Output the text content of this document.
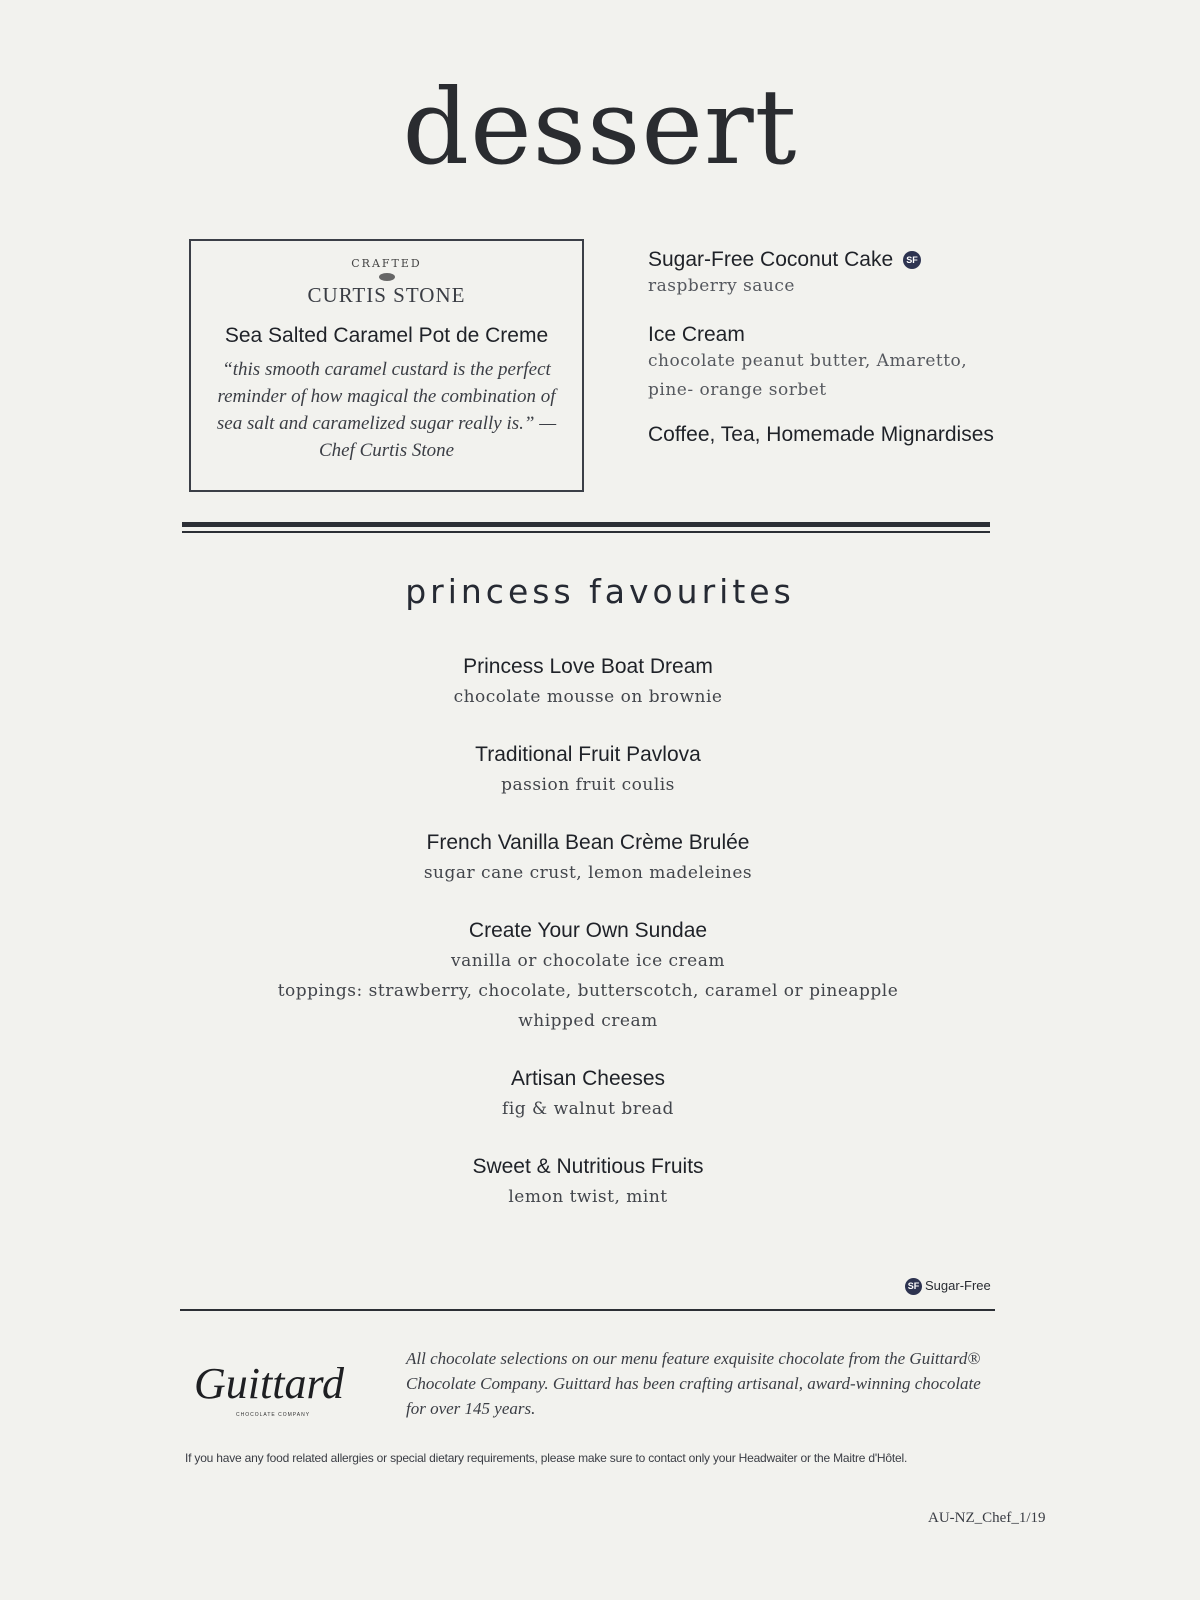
dessert
CRAFTED
CURTIS STONE
Sea Salted Caramel Pot de Creme
“this smooth caramel custard is the perfect reminder of how magical the combination of sea salt and caramelized sugar really is.” — Chef Curtis Stone
Sugar-Free Coconut Cake SF
raspberry sauce
Ice Cream
chocolate peanut butter, Amaretto, pine- orange sorbet
Coffee, Tea, Homemade Mignardises
princess favourites
Princess Love Boat Dream
chocolate mousse on brownie
Traditional Fruit Pavlova
passion fruit coulis
French Vanilla Bean Crème Brulée
sugar cane crust, lemon madeleines
Create Your Own Sundae
vanilla or chocolate ice cream
toppings: strawberry, chocolate, butterscotch, caramel or pineapple
whipped cream
Artisan Cheeses
fig & walnut bread
Sweet & Nutritious Fruits
lemon twist, mint
SF Sugar-Free
Guittard
CHOCOLATE COMPANY
All chocolate selections on our menu feature exquisite chocolate from the Guittard® Chocolate Company. Guittard has been crafting artisanal, award-winning chocolate for over 145 years.
If you have any food related allergies or special dietary requirements, please make sure to contact only your Headwaiter or the Maitre d'Hôtel.
AU-NZ_Chef_1/19
